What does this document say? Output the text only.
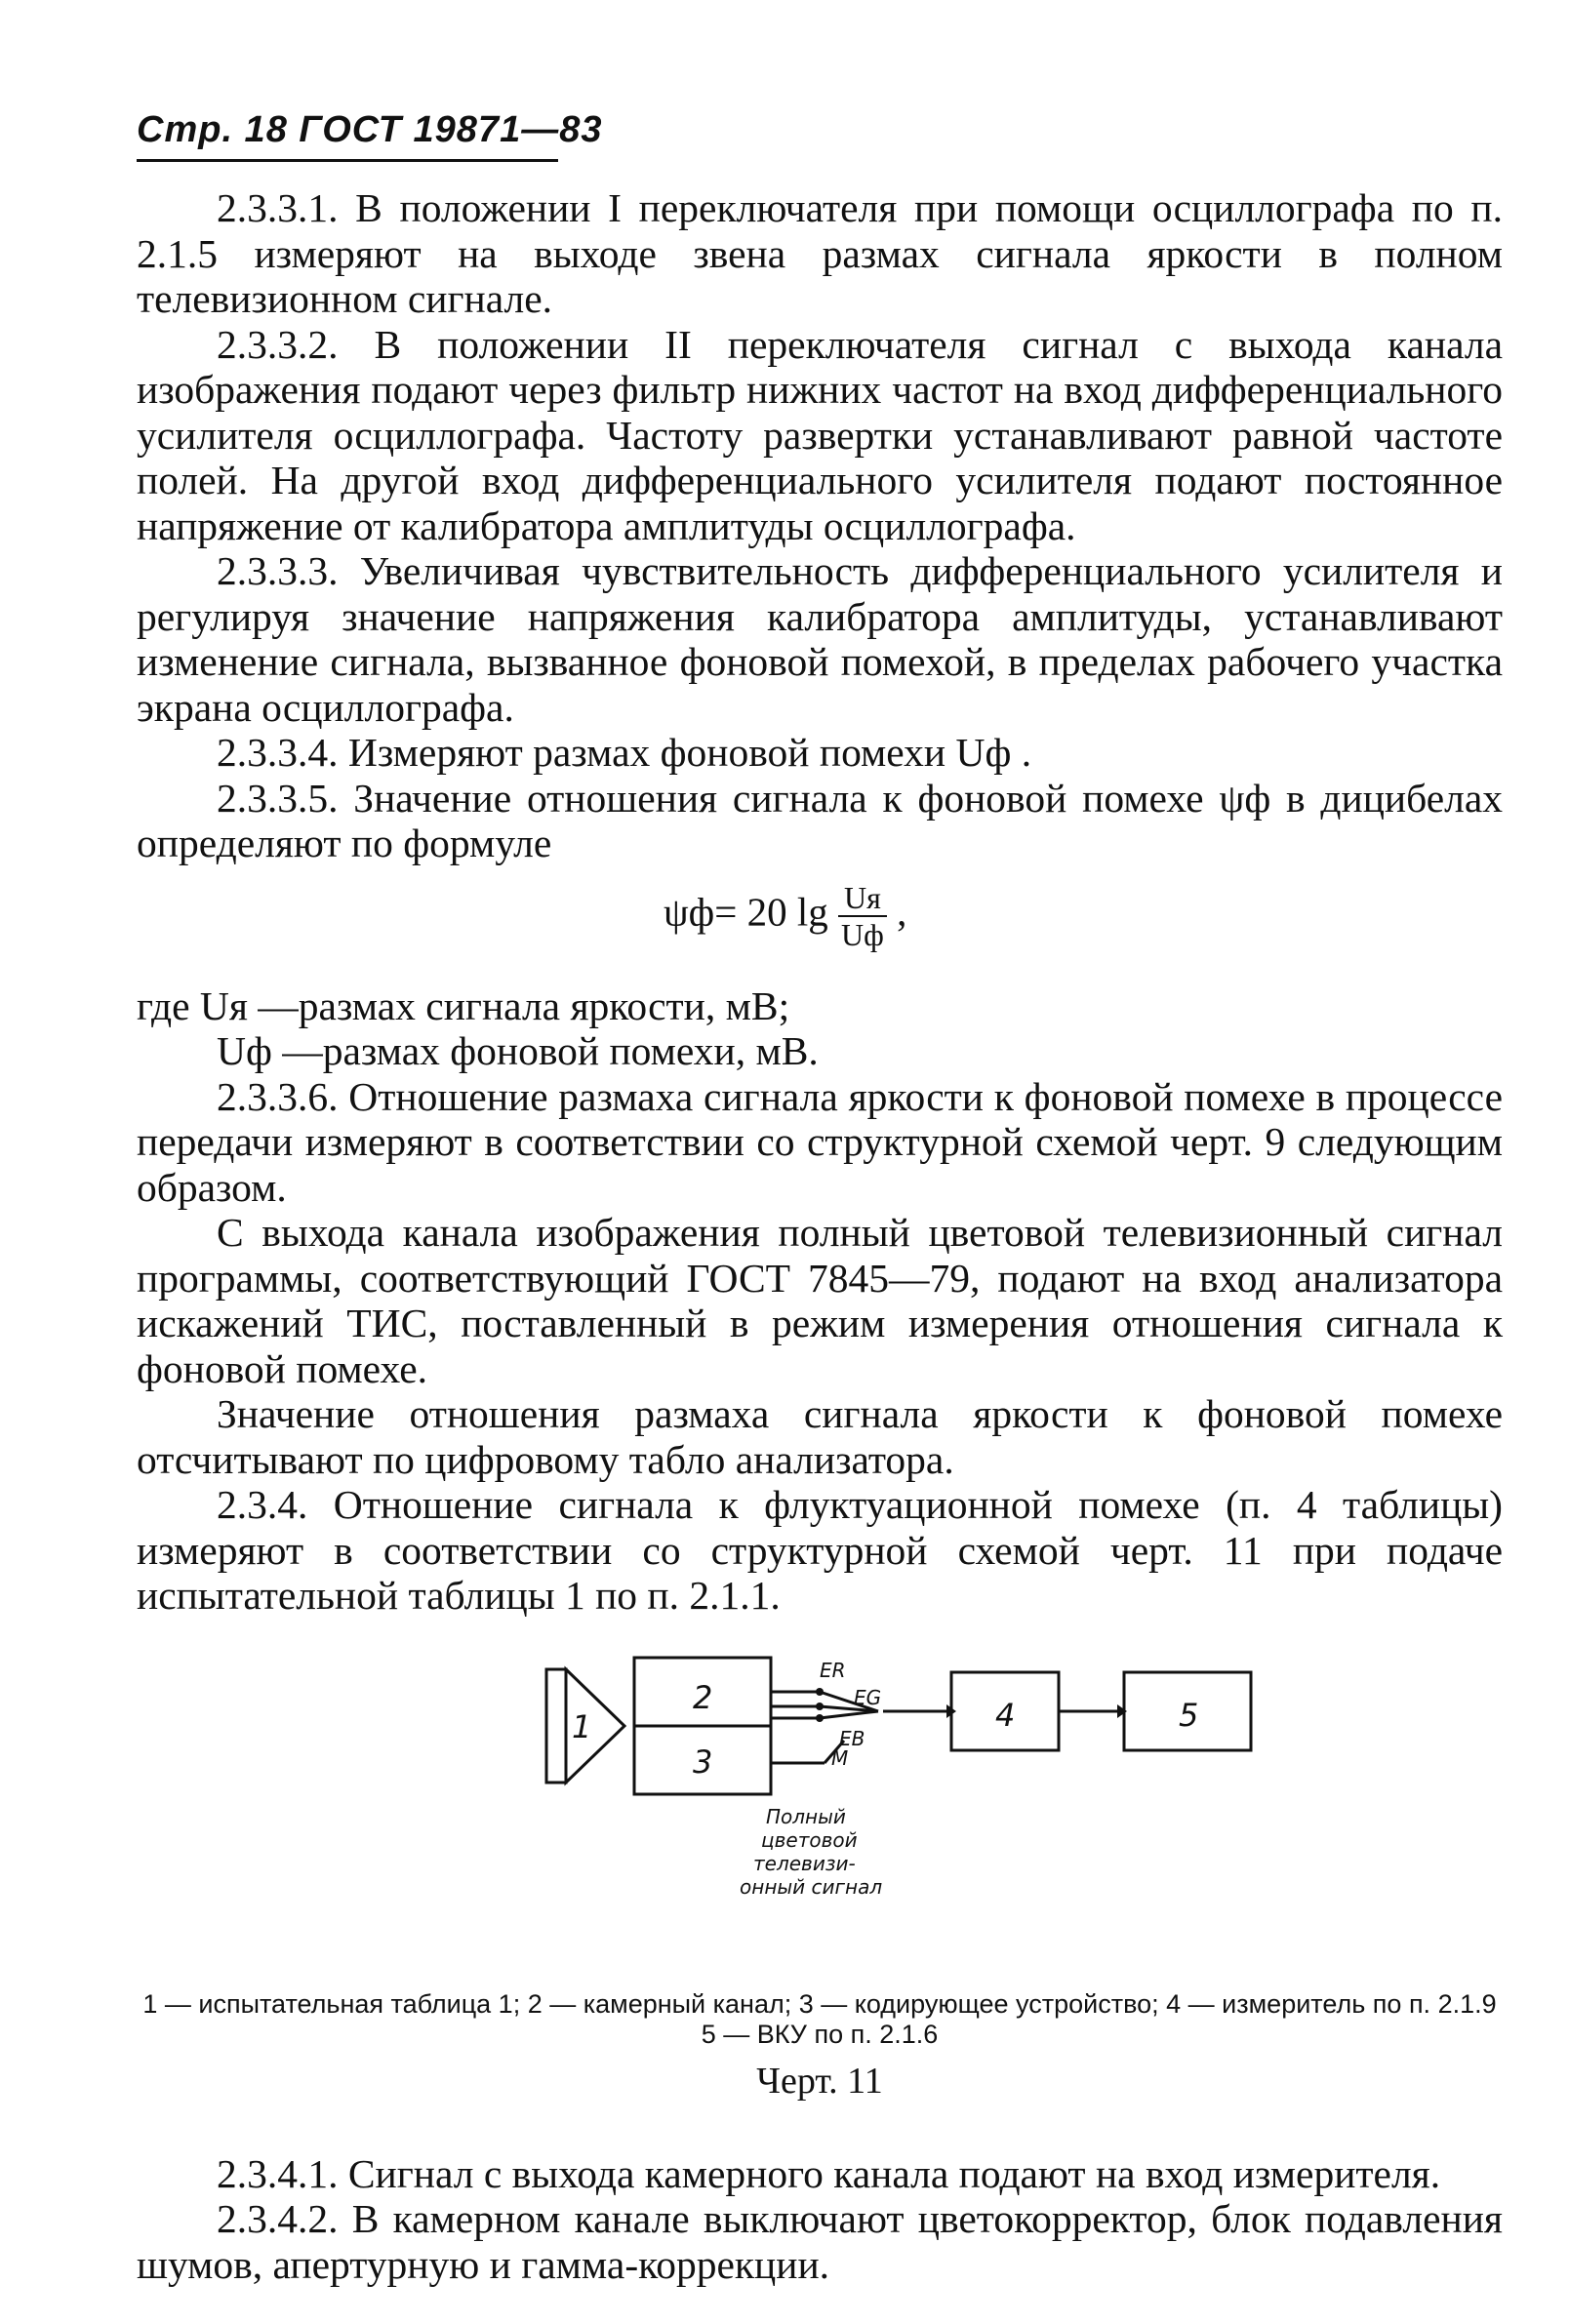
Стр. 18 ГОСТ 19871—83

2.3.3.1. В положении I переключателя при помощи осциллографа по п. 2.1.5 измеряют на выходе звена размах сигнала яркости в полном телевизионном сигнале.

2.3.3.2. В положении II переключателя сигнал с выхода канала изображения подают через фильтр нижних частот на вход дифференциального усилителя осциллографа. Частоту развертки устанавливают равной частоте полей. На другой вход дифференциального усилителя подают постоянное напряжение от калибратора амплитуды осциллографа.

2.3.3.3. Увеличивая чувствительность дифференциального усилителя и регулируя значение напряжения калибратора амплитуды, устанавливают изменение сигнала, вызванное фоновой помехой, в пределах рабочего участка экрана осциллографа.

2.3.3.4. Измеряют размах фоновой помехи Uф .

2.3.3.5. Значение отношения сигнала к фоновой помехе ψф в дицибелах определяют по формуле

ψф= 20 $\lg \frac{Uя}{Uф}$ ,
где Uя —размах сигнала яркости, мВ;
Uф —размах фоновой помехи, мВ.

2.3.3.6. Отношение размаха сигнала яркости к фоновой помехе в процессе передачи измеряют в соответствии со структурной схемой черт. 9 следующим образом.

С выхода канала изображения полный цветовой телевизионный сигнал программы, соответствующий ГОСТ 7845—79, подают на вход анализатора искажений ТИС, поставленный в режим измерения отношения сигнала к фоновой помехе.

Значение отношения размаха сигнала яркости к фоновой помехе отсчитывают по цифровому табло анализатора.

2.3.4. Отношение сигнала к флуктуационной помехе (п. 4 таблицы) измеряют в соответствии со структурной схемой черт. 11 при подаче испытательной таблицы 1 по п. 2.1.1.

1
2
3
4	5
ER
EG
EB
M
Полный
цветовой
телевизи-
онный сигнал
1 — испытательная таблица 1; 2 — камерный канал; 3 — кодирующее устройство; 4 — измеритель по п. 2.1.9 5 — ВКУ по п. 2.1.6
Черт. 11

2.3.4.1. Сигнал с выхода камерного канала подают на вход измерителя.

2.3.4.2. В камерном канале выключают цветокорректор, блок подавления шумов, апертурную и гамма-коррекции.
